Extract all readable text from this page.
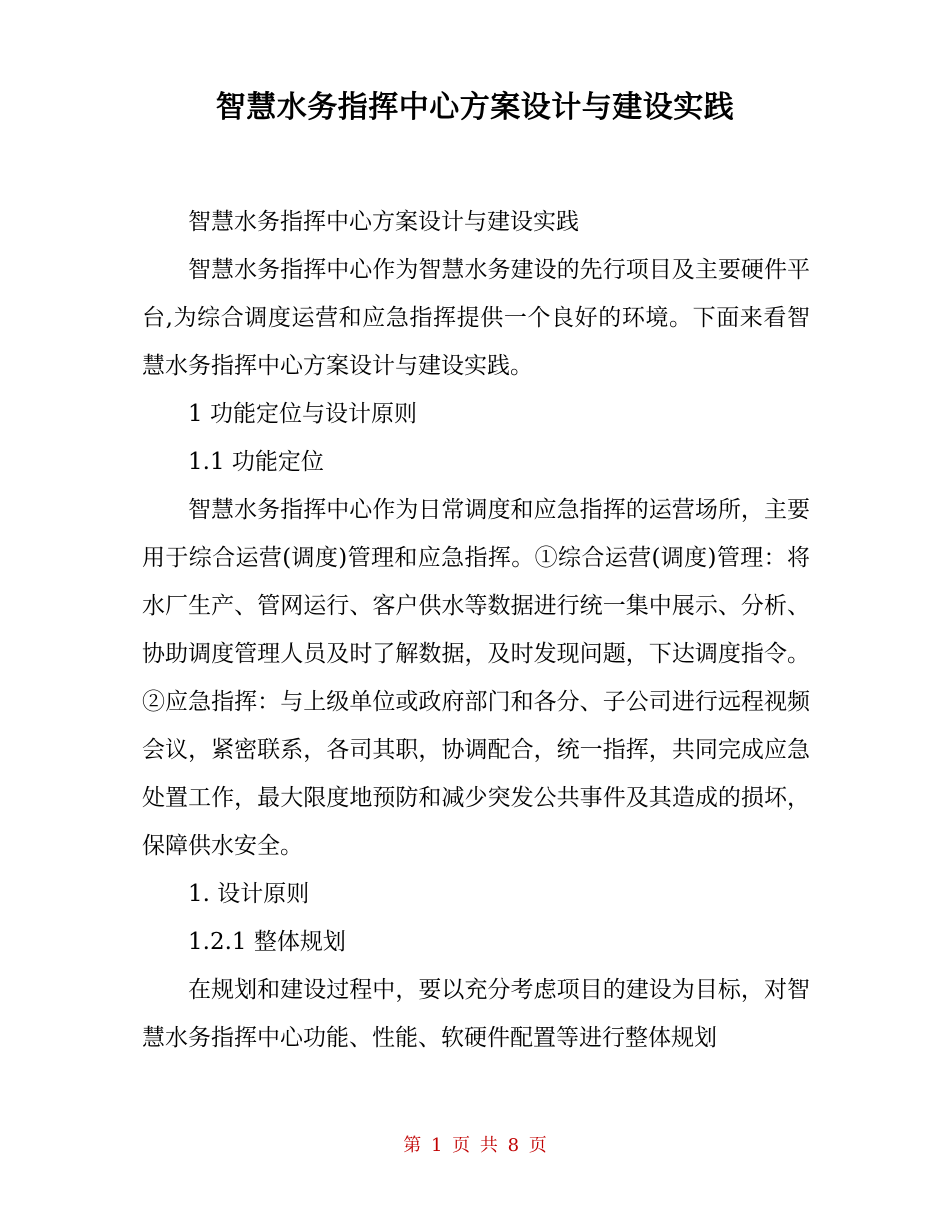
智慧水务指挥中心方案设计与建设实践

智慧水务指挥中心方案设计与建设实践

智慧水务指挥中心作为智慧水务建设的先行项目及主要硬件平台,为综合调度运营和应急指挥提供一个良好的环境。下面来看智慧水务指挥中心方案设计与建设实践。

1 功能定位与设计原则

1.1 功能定位

智慧水务指挥中心作为日常调度和应急指挥的运营场所，主要用于综合运营(调度)管理和应急指挥。①综合运营(调度)管理：将水厂生产、管网运行、客户供水等数据进行统一集中展示、分析、协助调度管理人员及时了解数据，及时发现问题，下达调度指令。②应急指挥：与上级单位或政府部门和各分、子公司进行远程视频会议，紧密联系，各司其职，协调配合，统一指挥，共同完成应急处置工作，最大限度地预防和减少突发公共事件及其造成的损坏，保障供水安全。

1. 设计原则

1.2.1 整体规划

在规划和建设过程中，要以充分考虑项目的建设为目标，对智慧水务指挥中心功能、性能、软硬件配置等进行整体规划

第 1 页 共 8 页
